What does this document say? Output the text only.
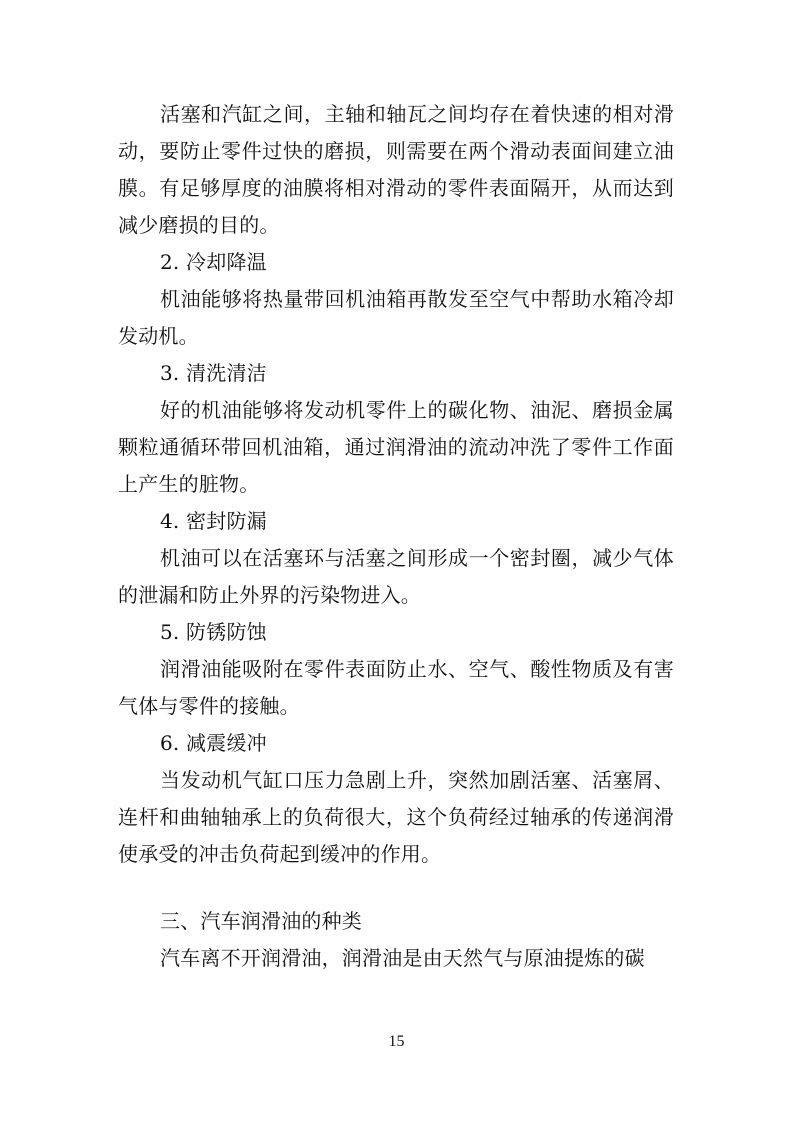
活塞和汽缸之间，主轴和轴瓦之间均存在着快速的相对滑动，要防止零件过快的磨损，则需要在两个滑动表面间建立油膜。有足够厚度的油膜将相对滑动的零件表面隔开，从而达到减少磨损的目的。

2. 冷却降温

机油能够将热量带回机油箱再散发至空气中帮助水箱冷却发动机。

3. 清洗清洁

好的机油能够将发动机零件上的碳化物、油泥、磨损金属颗粒通循环带回机油箱，通过润滑油的流动冲洗了零件工作面上产生的脏物。

4. 密封防漏

机油可以在活塞环与活塞之间形成一个密封圈，减少气体的泄漏和防止外界的污染物进入。

5. 防锈防蚀

润滑油能吸附在零件表面防止水、空气、酸性物质及有害气体与零件的接触。

6. 减震缓冲

当发动机气缸口压力急剧上升，突然加剧活塞、活塞屑、连杆和曲轴轴承上的负荷很大，这个负荷经过轴承的传递润滑使承受的冲击负荷起到缓冲的作用。

三、汽车润滑油的种类

汽车离不开润滑油，润滑油是由天然气与原油提炼的碳

15
